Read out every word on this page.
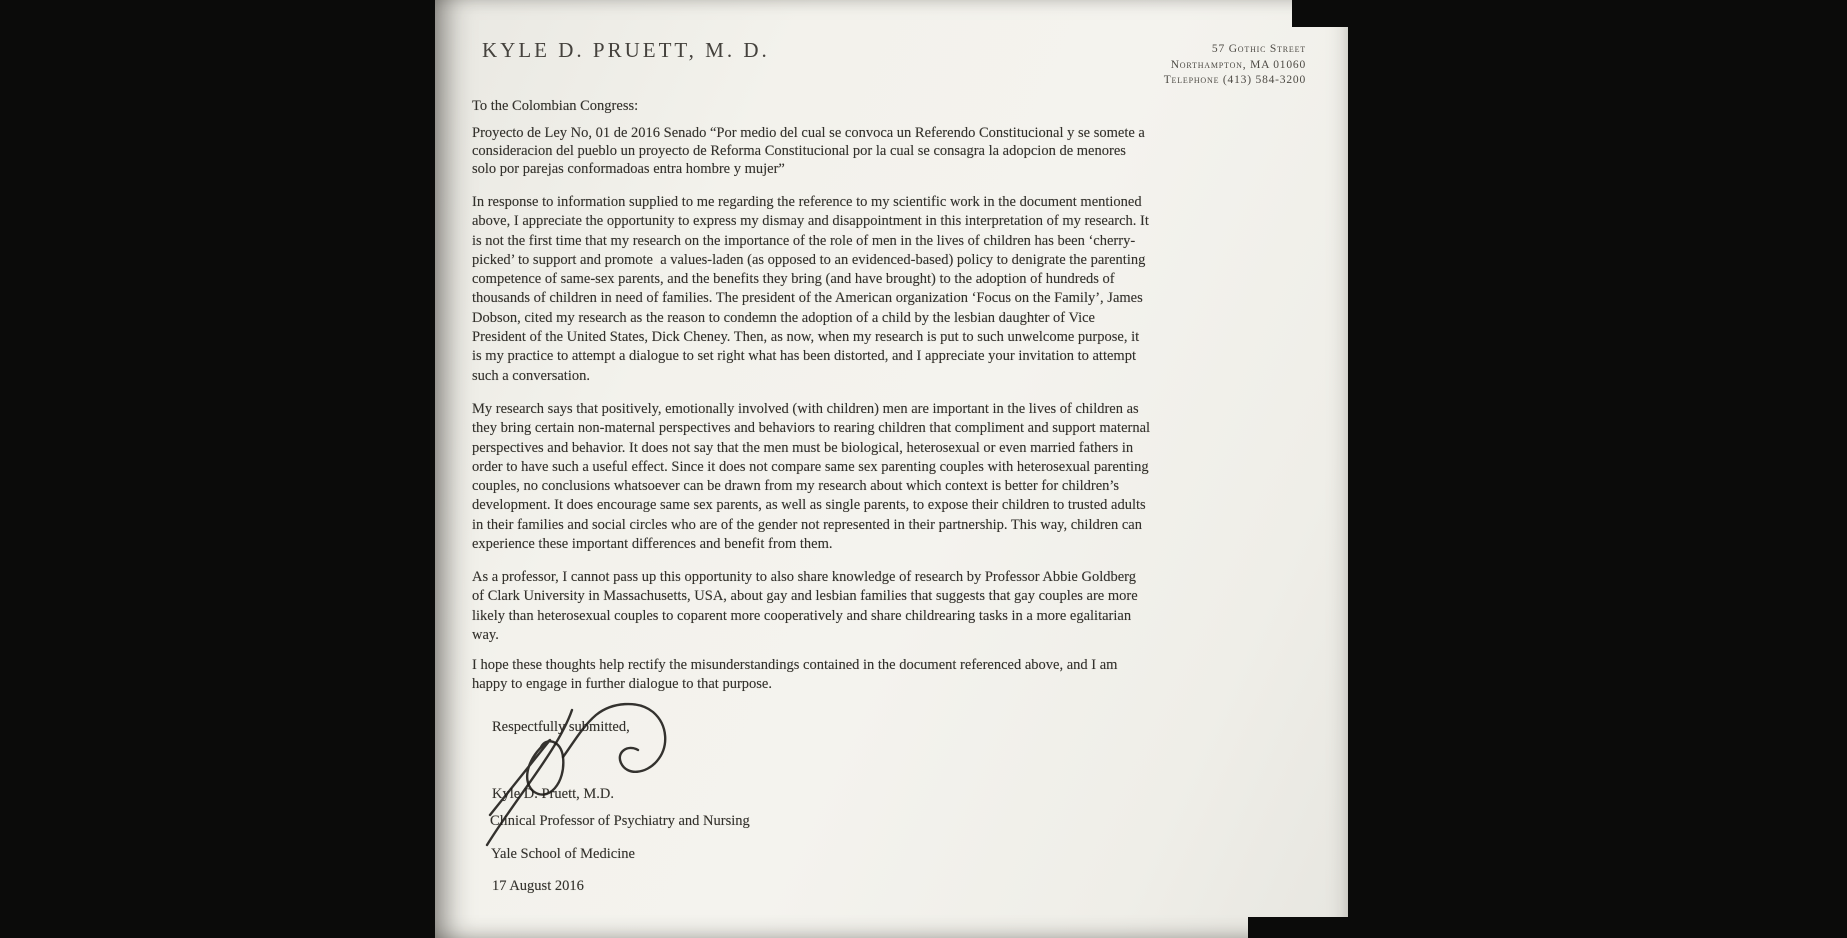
KYLE D. PRUETT, M. D.	57 Gothic Street
Northampton, MA 01060
Telephone (413) 584-3200
To the Colombian Congress:
Proyecto de Ley No, 01 de 2016 Senado “Por medio del cual se convoca un Referendo Constitucional y se somete a
consideracion del pueblo un proyecto de Reforma Constitucional por la cual se consagra la adopcion de menores
solo por parejas conformadoas entra hombre y mujer”
In response to information supplied to me regarding the reference to my scientific work in the document mentioned
above, I appreciate the opportunity to express my dismay and disappointment in this interpretation of my research. It
is not the first time that my research on the importance of the role of men in the lives of children has been ‘cherry-
picked’ to support and promote  a values-laden (as opposed to an evidenced-based) policy to denigrate the parenting
competence of same-sex parents, and the benefits they bring (and have brought) to the adoption of hundreds of
thousands of children in need of families. The president of the American organization ‘Focus on the Family’, James
Dobson, cited my research as the reason to condemn the adoption of a child by the lesbian daughter of Vice
President of the United States, Dick Cheney. Then, as now, when my research is put to such unwelcome purpose, it
is my practice to attempt a dialogue to set right what has been distorted, and I appreciate your invitation to attempt
such a conversation.
My research says that positively, emotionally involved (with children) men are important in the lives of children as
they bring certain non-maternal perspectives and behaviors to rearing children that compliment and support maternal
perspectives and behavior. It does not say that the men must be biological, heterosexual or even married fathers in
order to have such a useful effect. Since it does not compare same sex parenting couples with heterosexual parenting
couples, no conclusions whatsoever can be drawn from my research about which context is better for children’s
development. It does encourage same sex parents, as well as single parents, to expose their children to trusted adults
in their families and social circles who are of the gender not represented in their partnership. This way, children can
experience these important differences and benefit from them.
As a professor, I cannot pass up this opportunity to also share knowledge of research by Professor Abbie Goldberg
of Clark University in Massachusetts, USA, about gay and lesbian families that suggests that gay couples are more
likely than heterosexual couples to coparent more cooperatively and share childrearing tasks in a more egalitarian
way.
I hope these thoughts help rectify the misunderstandings contained in the document referenced above, and I am
happy to engage in further dialogue to that purpose.
Respectfully submitted,
Kyle D. Pruett, M.D.
Clinical Professor of Psychiatry and Nursing
Yale School of Medicine
17 August 2016
